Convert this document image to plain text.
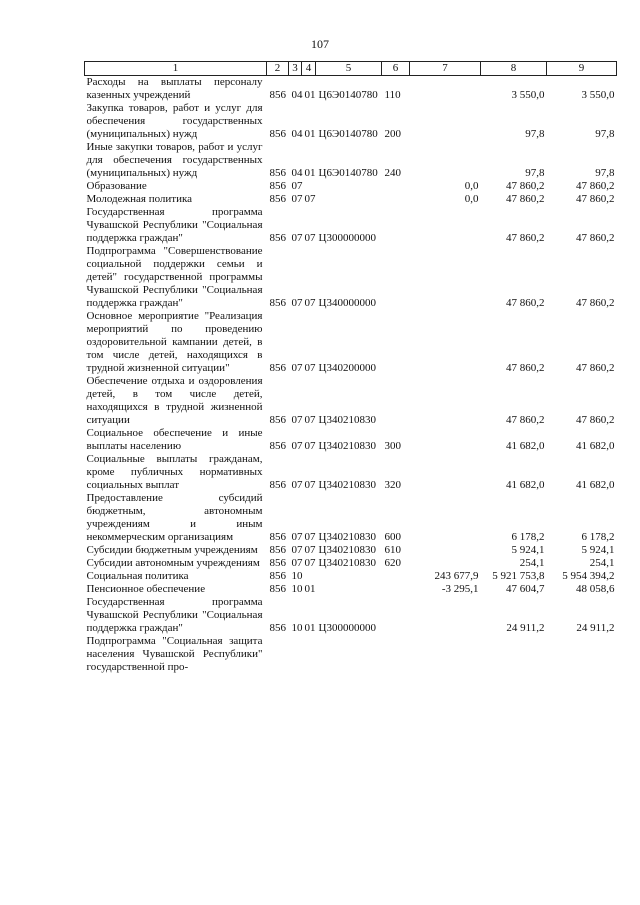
107
1	2	3	4	5	6	7	8	9
Расходы на выплаты персоналу казенных учреждений	856	04	01	Ц6Э0140780	110		3 550,0	3 550,0
Закупка товаров, работ и услуг для обеспечения государственных (муниципальных) нужд	856	04	01	Ц6Э0140780	200		97,8	97,8
Иные закупки товаров, работ и услуг для обеспечения государственных (муниципальных) нужд	856	04	01	Ц6Э0140780	240		97,8	97,8
Образование	856	07				0,0	47 860,2	47 860,2
Молодежная политика	856	07	07			0,0	47 860,2	47 860,2
Государственная программа Чувашской Республики "Социальная поддержка граждан"	856	07	07	Ц300000000			47 860,2	47 860,2
Подпрограмма "Совершенствование социальной поддержки семьи и детей" государственной программы Чувашской Республики "Социальная поддержка граждан"	856	07	07	Ц340000000			47 860,2	47 860,2
Основное мероприятие "Реализация мероприятий по проведению оздоровительной кампании детей, в том числе детей, находящихся в трудной жизненной ситуации"	856	07	07	Ц340200000			47 860,2	47 860,2
Обеспечение отдыха и оздоровления детей, в том числе детей, находящихся в трудной жизненной ситуации	856	07	07	Ц340210830			47 860,2	47 860,2
Социальное обеспечение и иные выплаты населению	856	07	07	Ц340210830	300		41 682,0	41 682,0
Социальные выплаты гражданам, кроме публичных нормативных социальных выплат	856	07	07	Ц340210830	320		41 682,0	41 682,0
Предоставление субсидий бюджетным, автономным учреждениям и иным некоммерческим организациям	856	07	07	Ц340210830	600		6 178,2	6 178,2
Субсидии бюджетным учреждениям	856	07	07	Ц340210830	610		5 924,1	5 924,1
Субсидии автономным учреждениям	856	07	07	Ц340210830	620		254,1	254,1
Социальная политика	856	10				243 677,9	5 921 753,8	5 954 394,2
Пенсионное обеспечение	856	10	01			-3 295,1	47 604,7	48 058,6
Государственная программа Чувашской Республики "Социальная поддержка граждан"	856	10	01	Ц300000000			24 911,2	24 911,2
Подпрограмма "Социальная защита населения Чувашской Республики" государственной про-								
